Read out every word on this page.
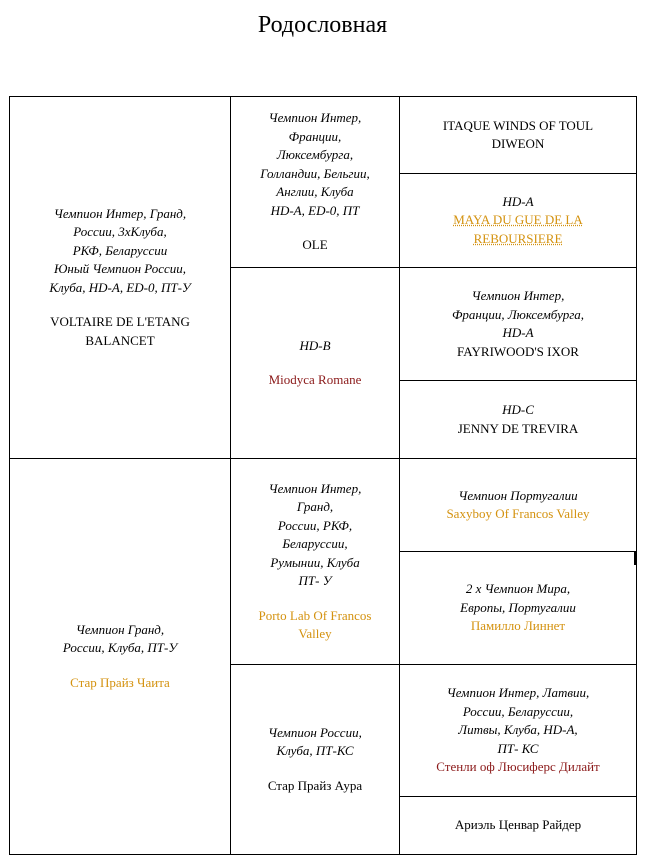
Родословная
Чемпион Интер, Гранд,
России, 3хКлуба,
РКФ, Беларуссии
Юный Чемпион России,
Клуба, HD-A, ED-0, ПТ-У
VOLTAIRE DE L'ETANG
BALANCET
Чемпион Гранд,
России, Клуба, ПТ-У
Стар Прайз Чаита
Чемпион Интер,
Франции,
Люксембурга,
Голландии, Бельгии,
Англии, Клуба
HD-A, ED-0, ПТ
OLE
HD-B
Miodyca Romane
Чемпион Интер,
Гранд,
России, РКФ,
Беларуссии,
Румынии, Клуба
ПТ- У
Porto Lab Of Francos
Valley
Чемпион России,
Клуба, ПТ-КС
Стар Прайз Аура
ITAQUE WINDS OF TOUL
DIWEON
HD-A
MAYA DU GUE DE LA
REBOURSIERE
Чемпион Интер,
Франции, Люксембурга,
HD-A
FAYRIWOOD'S IXOR
HD-C
JENNY DE TREVIRA
Чемпион Португалии
Saxyboy Of Francos Valley
2 х Чемпион Мира,
Европы, Португалии
Памилло Линнет
Чемпион Интер, Латвии,
России, Беларуссии,
Литвы, Клуба, HD-A,
ПТ- КС
Стенли оф Люсиферс Дилайт
Ариэль Ценвар Райдер
